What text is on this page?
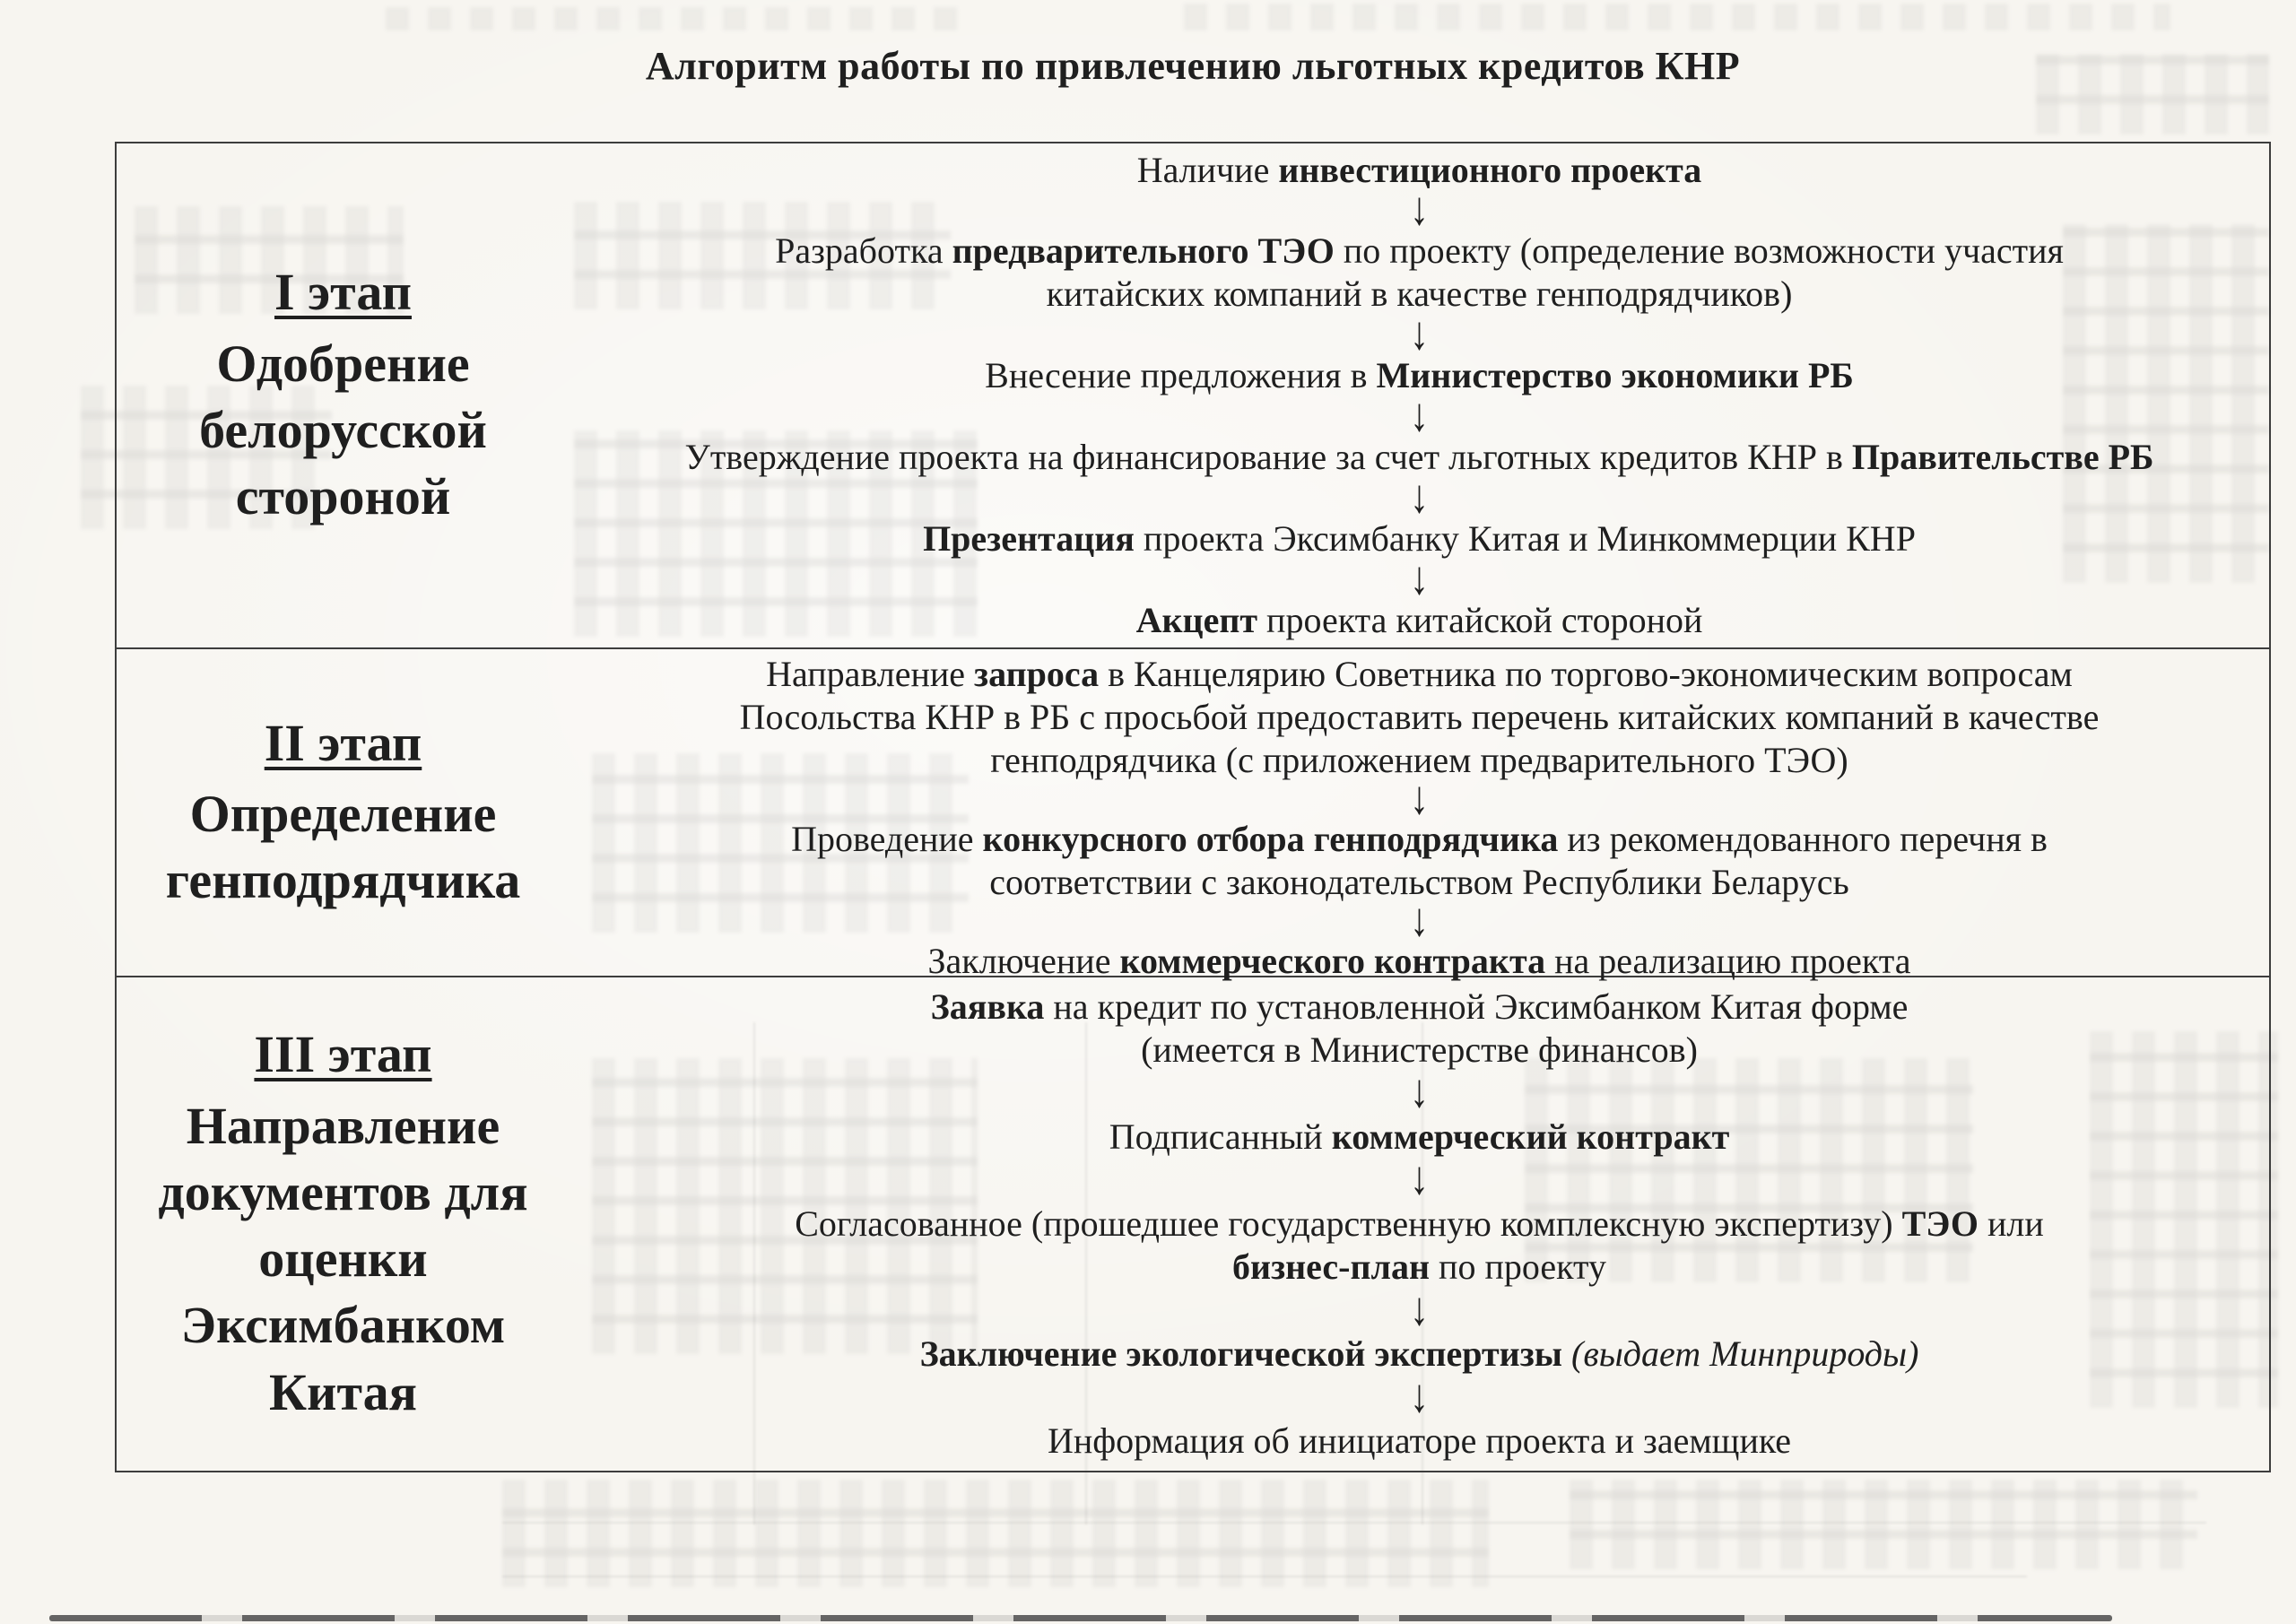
Алгоритм работы по привлечению льготных кредитов КНР
I этап
Одобрение белорусской стороной
Наличие инвестиционного проекта
↓
Разработка предварительного ТЭО по проекту (определение возможности участия
китайских компаний в качестве генподрядчиков)
↓
Внесение предложения в Министерство экономики РБ
↓
Утверждение проекта на финансирование за счет льготных кредитов КНР в Правительстве РБ
↓
Презентация проекта Эксимбанку Китая и Минкоммерции КНР
↓
Акцепт проекта китайской стороной
II этап
Определение генподрядчика
Направление запроса в Канцелярию Советника по торгово-экономическим вопросам
Посольства КНР в РБ с просьбой предоставить перечень китайских компаний в качестве
генподрядчика (с приложением предварительного ТЭО)
↓
Проведение конкурсного отбора генподрядчика из рекомендованного перечня в
соответствии с законодательством Республики Беларусь
↓
Заключение коммерческого контракта на реализацию проекта
III этап
Направление документов для оценки Эксимбанком Китая
Заявка на кредит по установленной Эксимбанком Китая форме
(имеется в Министерстве финансов)
↓
Подписанный коммерческий контракт
↓
Согласованное (прошедшее государственную комплексную экспертизу) ТЭО или
бизнес-план по проекту
↓
Заключение экологической экспертизы (выдает Минприроды)
↓
Информация об инициаторе проекта и заемщике
